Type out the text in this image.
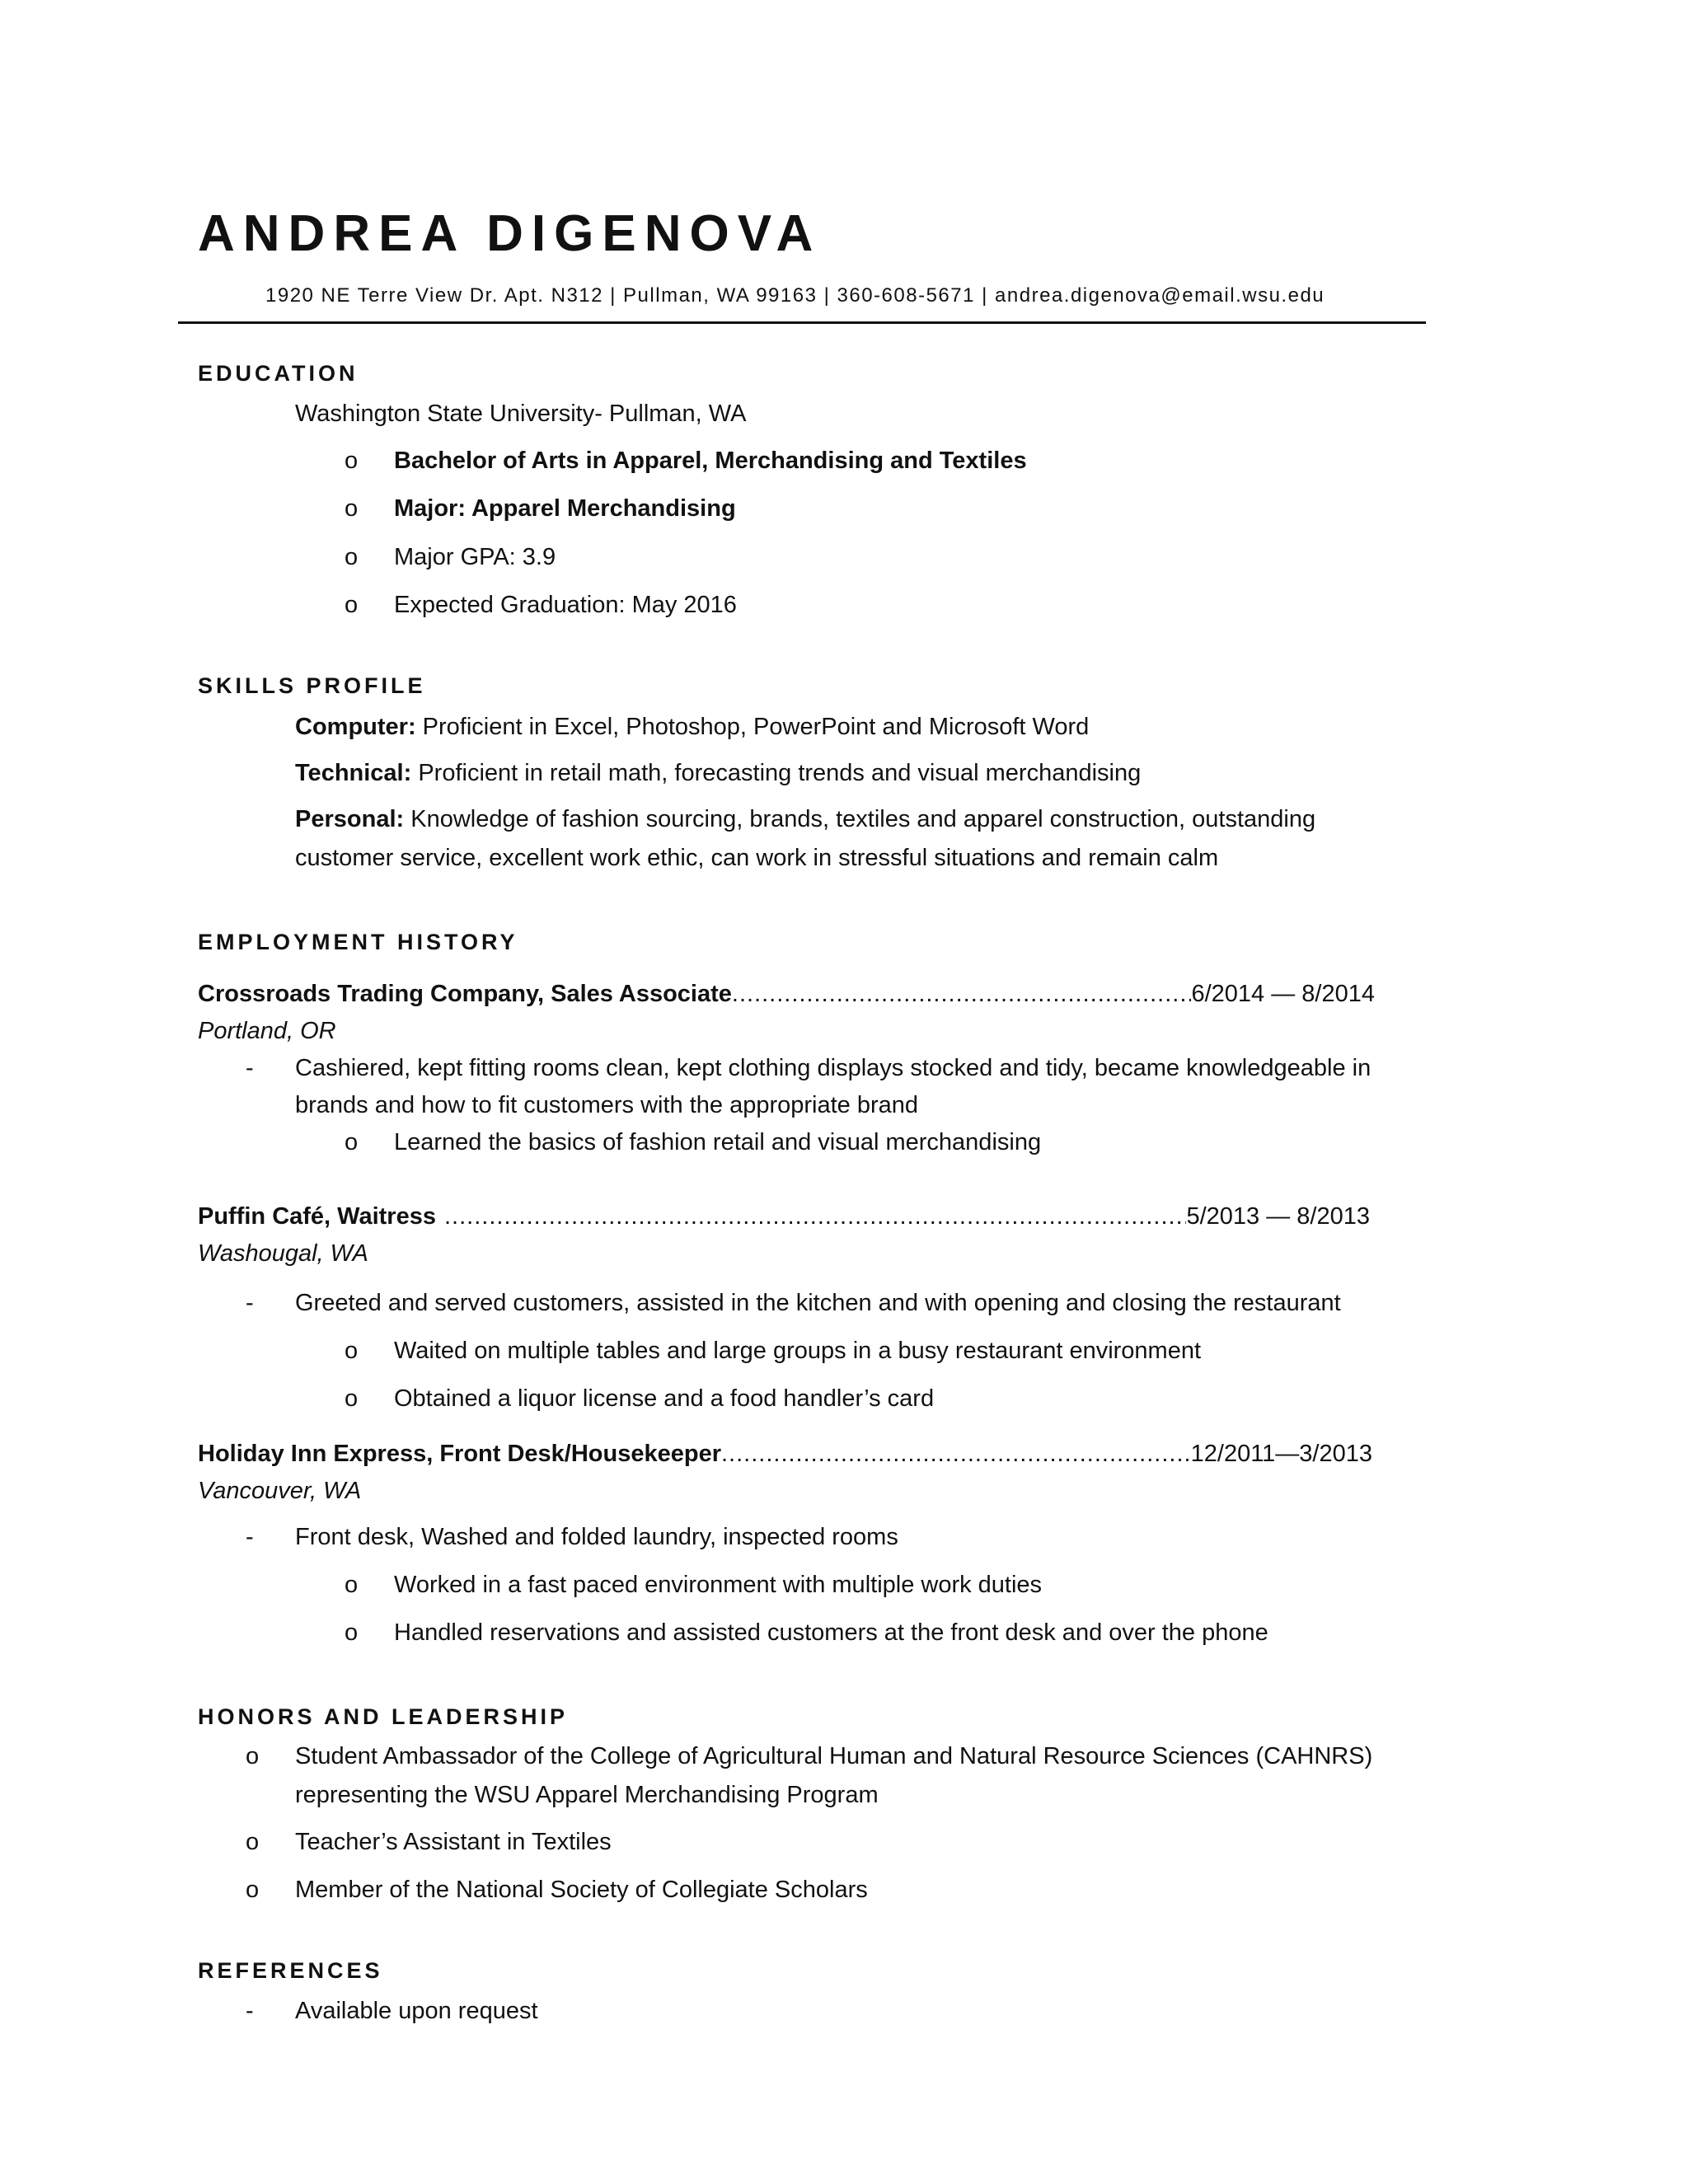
ANDREA DIGENOVA
1920 NE Terre View Dr. Apt. N312 | Pullman, WA 99163 | 360-608-5671 | andrea.digenova@email.wsu.edu
EDUCATION
Washington State University- Pullman, WA
o Bachelor of Arts in Apparel, Merchandising and Textiles
o Major: Apparel Merchandising
o Major GPA: 3.9
o Expected Graduation: May 2016
SKILLS PROFILE
Computer: Proficient in Excel, Photoshop, PowerPoint and Microsoft Word
Technical: Proficient in retail math, forecasting trends and visual merchandising
Personal: Knowledge of fashion sourcing, brands, textiles and apparel construction, outstanding
customer service, excellent work ethic, can work in stressful situations and remain calm
EMPLOYMENT HISTORY
Crossroads Trading Company, Sales Associate .....	6/2014 — 8/2014
Portland, OR
- Cashiered, kept fitting rooms clean, kept clothing displays stocked and tidy, became knowledgeable in
brands and how to fit customers with the appropriate brand
o Learned the basics of fashion retail and visual merchandising
Puffin Café, Waitress .....	5/2013 — 8/2013
Washougal, WA
- Greeted and served customers, assisted in the kitchen and with opening and closing the restaurant
o Waited on multiple tables and large groups in a busy restaurant environment
o Obtained a liquor license and a food handler’s card
Holiday Inn Express, Front Desk/Housekeeper .....	12/2011—3/2013
Vancouver, WA
- Front desk, Washed and folded laundry, inspected rooms
o Worked in a fast paced environment with multiple work duties
o Handled reservations and assisted customers at the front desk and over the phone
HONORS AND LEADERSHIP
o Student Ambassador of the College of Agricultural Human and Natural Resource Sciences (CAHNRS)
representing the WSU Apparel Merchandising Program
o Teacher’s Assistant in Textiles
o Member of the National Society of Collegiate Scholars
REFERENCES
- Available upon request
